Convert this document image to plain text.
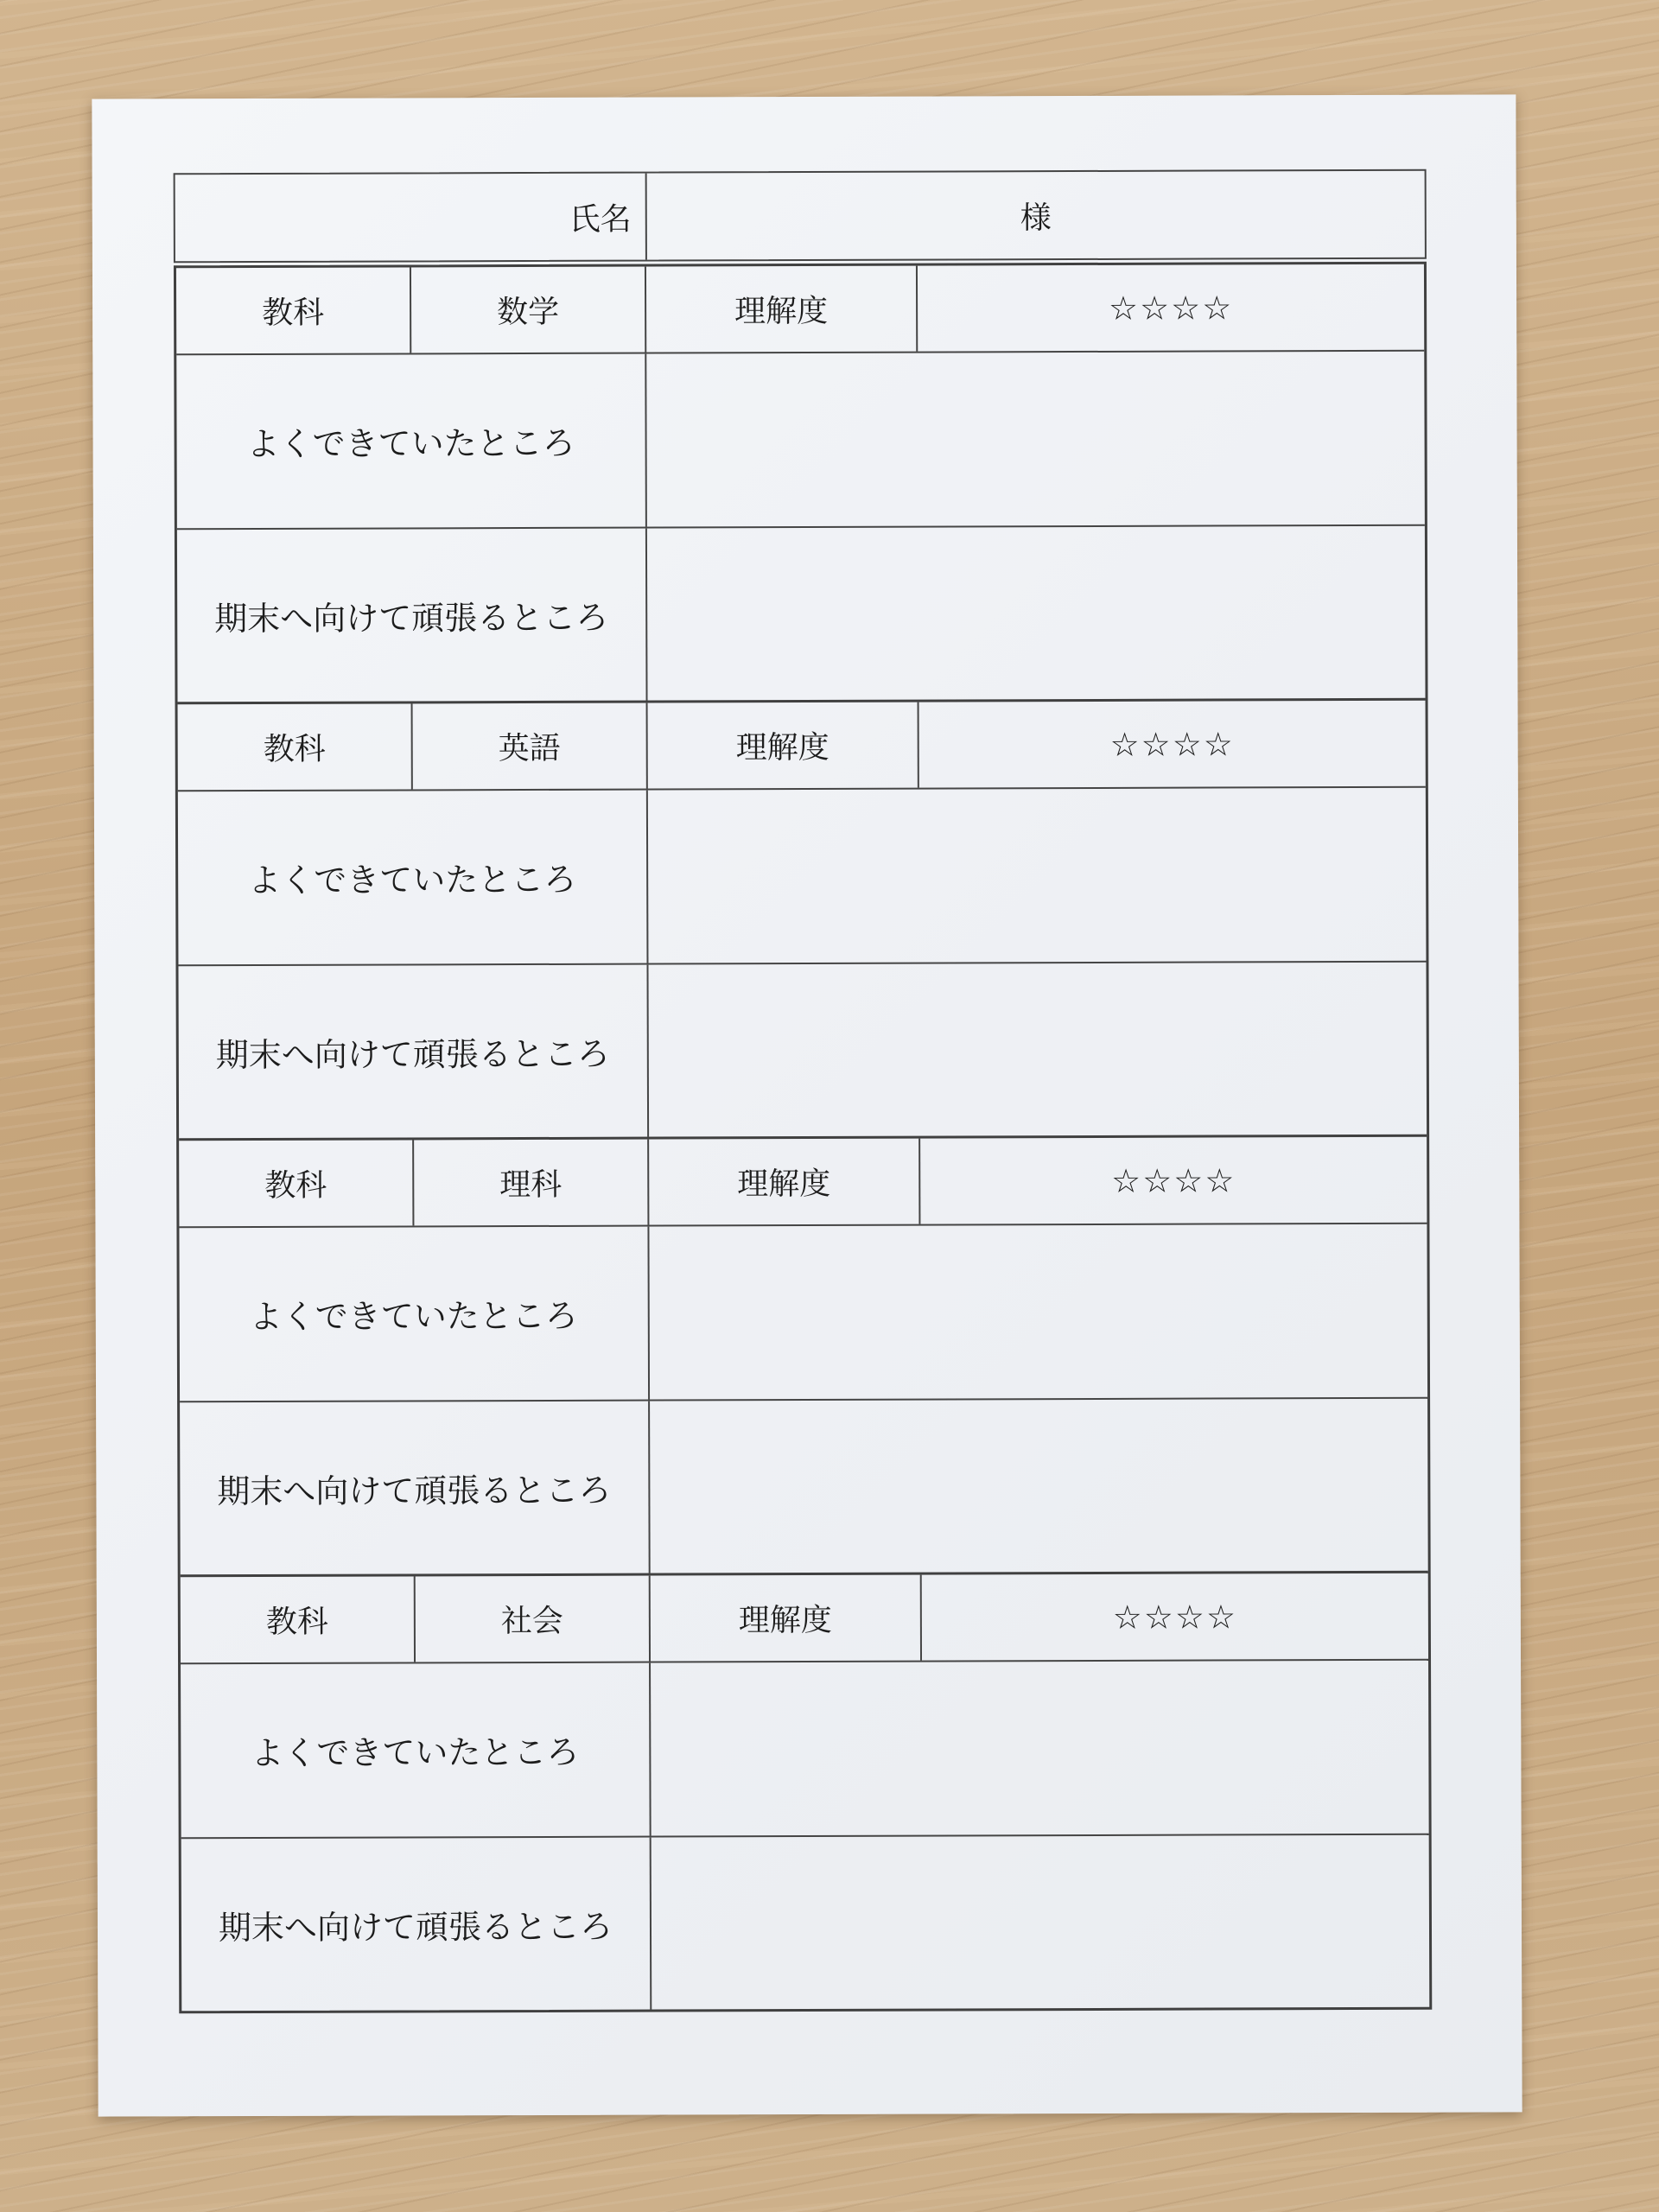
氏名	様
教科	数学	理解度	☆☆☆☆
よくできていたところ
期末へ向けて頑張るところ
教科	英語	理解度	☆☆☆☆
よくできていたところ
期末へ向けて頑張るところ
教科	理科	理解度	☆☆☆☆
よくできていたところ
期末へ向けて頑張るところ
教科	社会	理解度	☆☆☆☆
よくできていたところ
期末へ向けて頑張るところ
